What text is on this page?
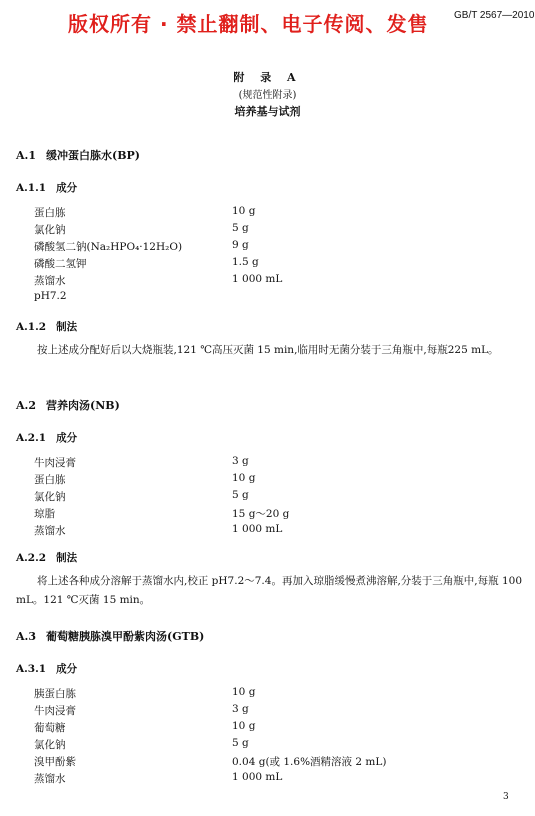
版权所有 · 禁止翻制、电子传阅、发售	GB/T 2567—2010
附 录 A
(规范性附录)
培养基与试剂
A.1 缓冲蛋白胨水(BP)
A.1.1 成分
蛋白胨	10 g
氯化钠	5 g
磷酸氢二钠(Na₂HPO₄·12H₂O)	9 g
磷酸二氢钾	1.5 g
蒸馏水	1 000 mL
pH7.2
A.1.2 制法
按上述成分配好后以大烧瓶装,121 ℃高压灭菌 15 min,临用时无菌分装于三角瓶中,每瓶225 mL。
A.2 营养肉汤(NB)
A.2.1 成分
牛肉浸膏	3 g
蛋白胨	10 g
氯化钠	5 g
琼脂	15 g～20 g
蒸馏水	1 000 mL
A.2.2 制法
将上述各种成分溶解于蒸馏水内,校正 pH7.2～7.4。再加入琼脂缓慢煮沸溶解,分装于三角瓶中,每瓶 100 mL。121 ℃灭菌 15 min。
A.3 葡萄糖胰胨溴甲酚紫肉汤(GTB)
A.3.1 成分
胰蛋白胨	10 g
牛肉浸膏	3 g
葡萄糖	10 g
氯化钠	5 g
溴甲酚紫	0.04 g(或 1.6%酒精溶液 2 mL)
蒸馏水	1 000 mL
3
